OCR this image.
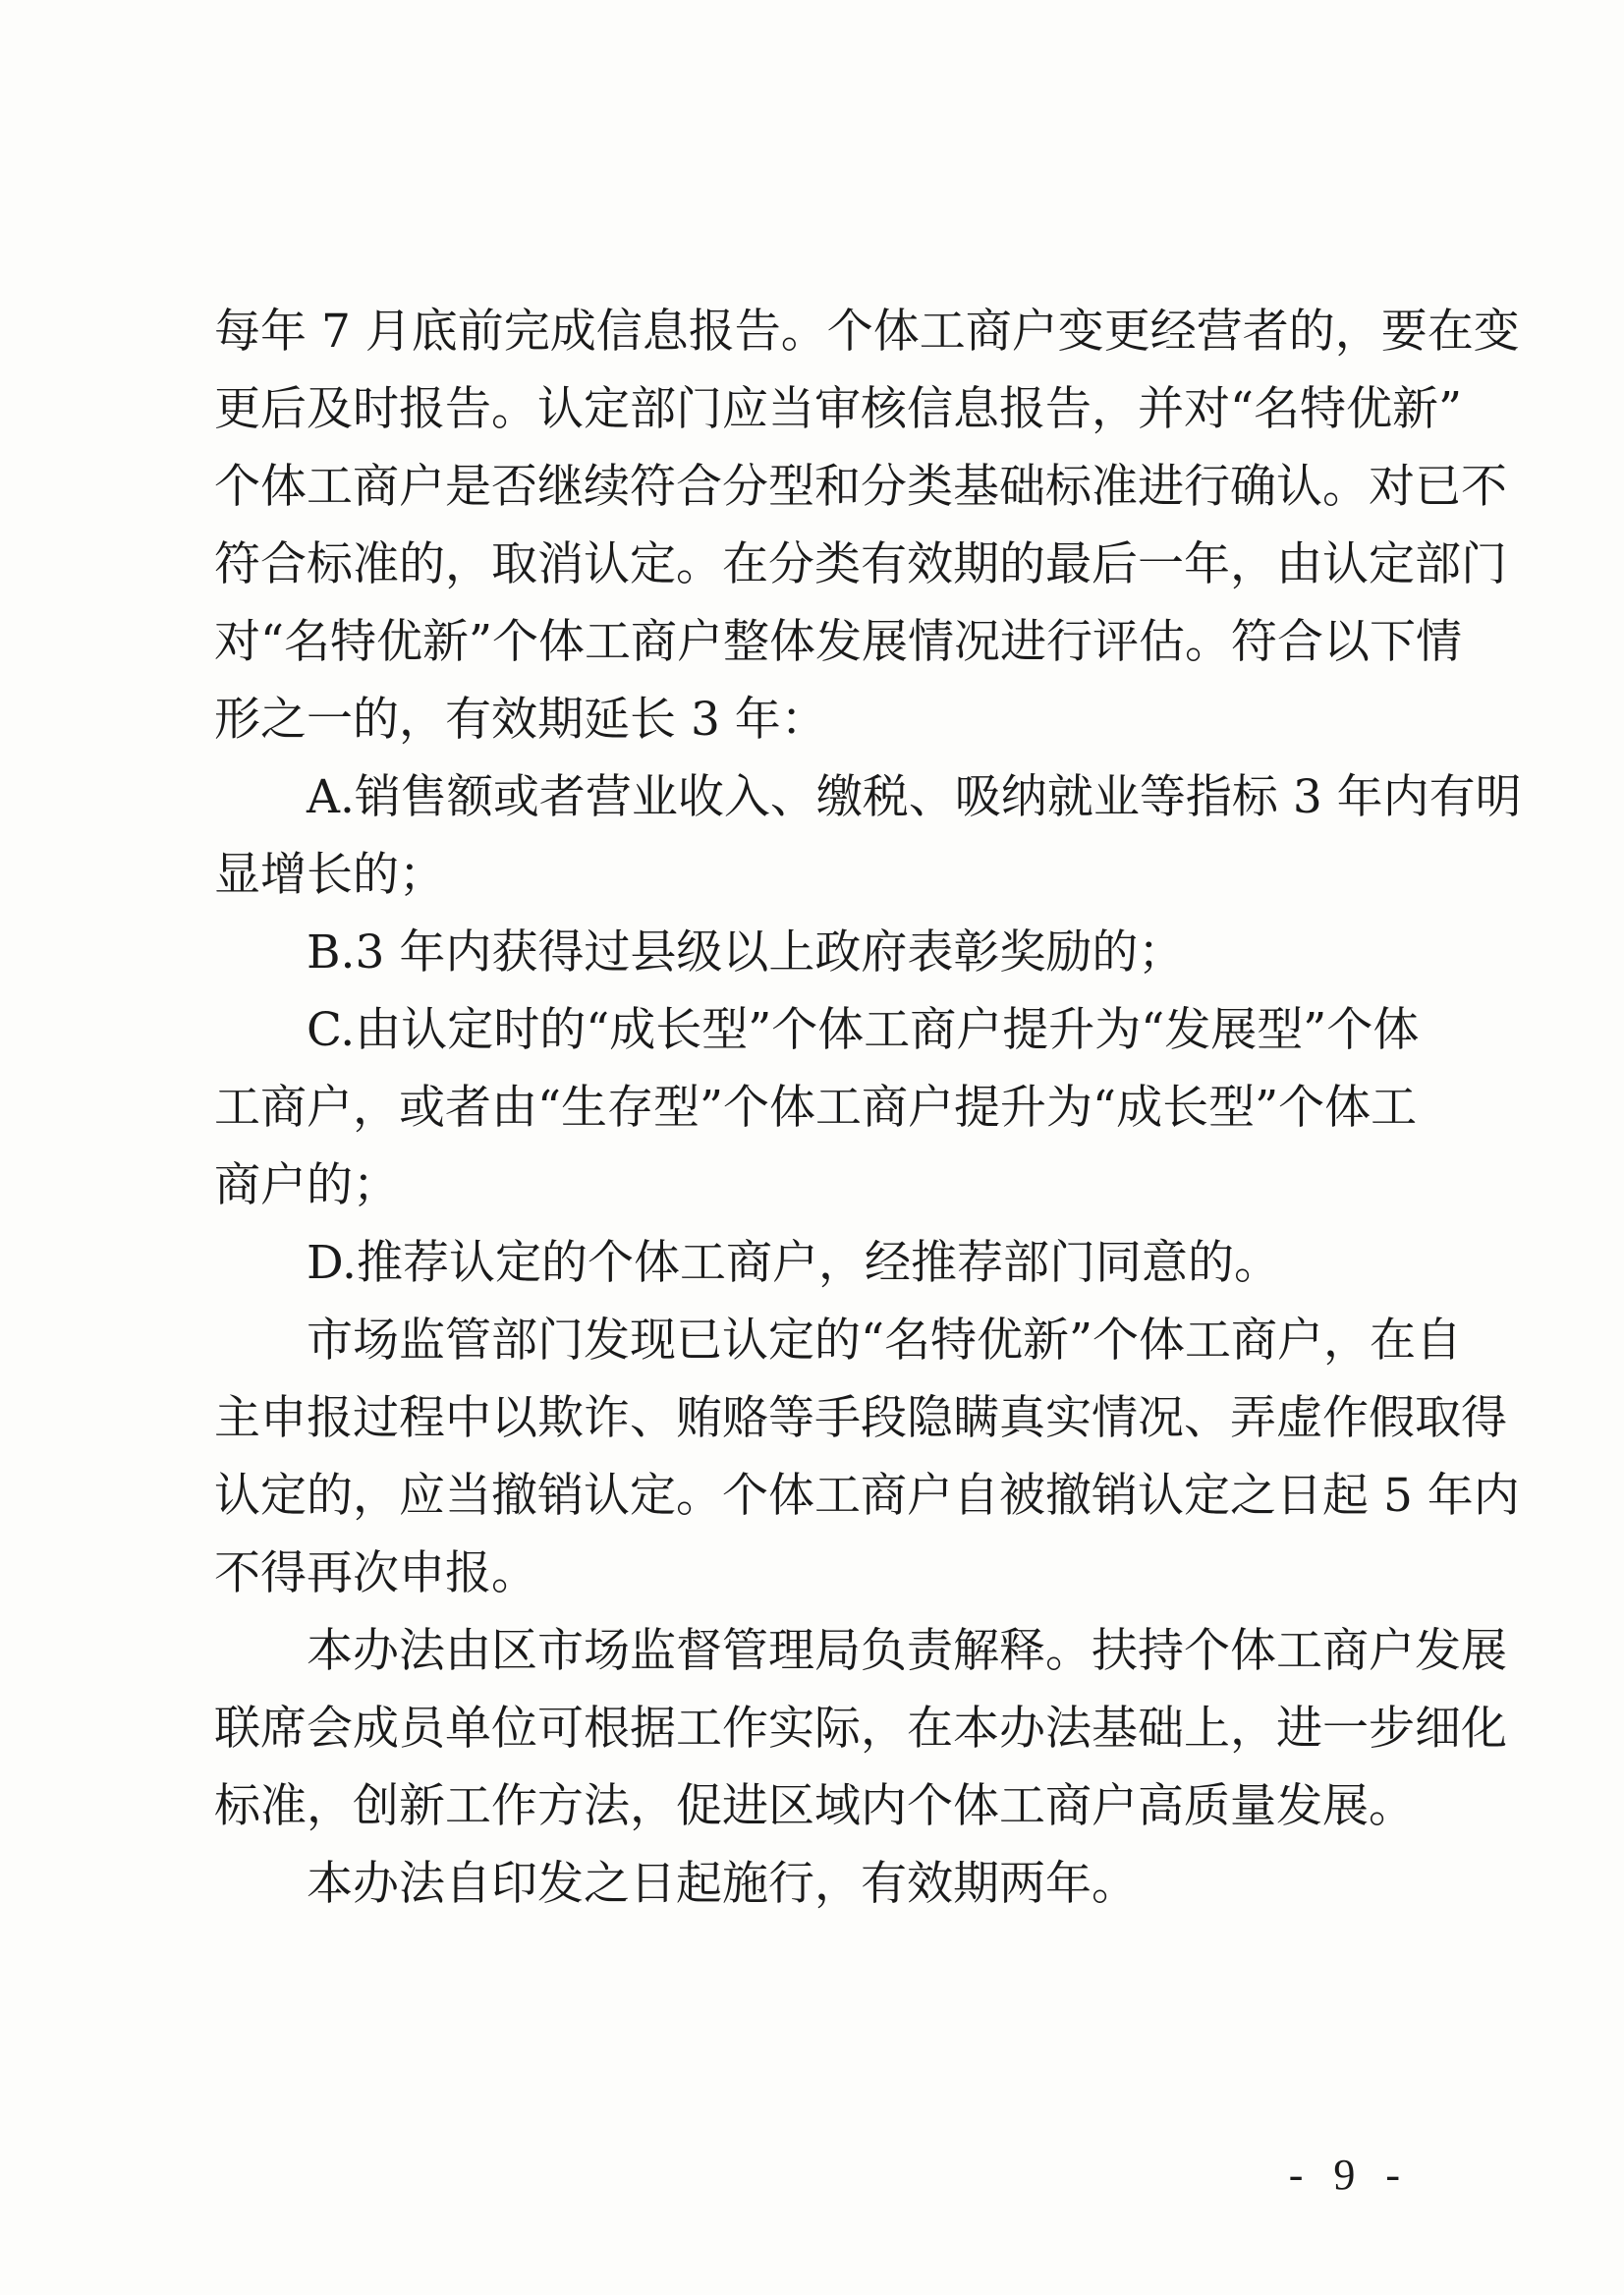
每年 7 月底前完成信息报告。个体工商户变更经营者的，要在变
更后及时报告。认定部门应当审核信息报告，并对“名特优新”
个体工商户是否继续符合分型和分类基础标准进行确认。对已不
符合标准的，取消认定。在分类有效期的最后一年，由认定部门
对“名特优新”个体工商户整体发展情况进行评估。符合以下情
形之一的，有效期延长 3 年：
A.销售额或者营业收入、缴税、吸纳就业等指标 3 年内有明
显增长的；
B.3 年内获得过县级以上政府表彰奖励的；
C.由认定时的“成长型”个体工商户提升为“发展型”个体
工商户，或者由“生存型”个体工商户提升为“成长型”个体工
商户的；
D.推荐认定的个体工商户，经推荐部门同意的。
市场监管部门发现已认定的“名特优新”个体工商户，在自
主申报过程中以欺诈、贿赂等手段隐瞒真实情况、弄虚作假取得
认定的，应当撤销认定。个体工商户自被撤销认定之日起 5 年内
不得再次申报。
本办法由区市场监督管理局负责解释。扶持个体工商户发展
联席会成员单位可根据工作实际，在本办法基础上，进一步细化
标准，创新工作方法，促进区域内个体工商户高质量发展。
本办法自印发之日起施行，有效期两年。
- 9 -
